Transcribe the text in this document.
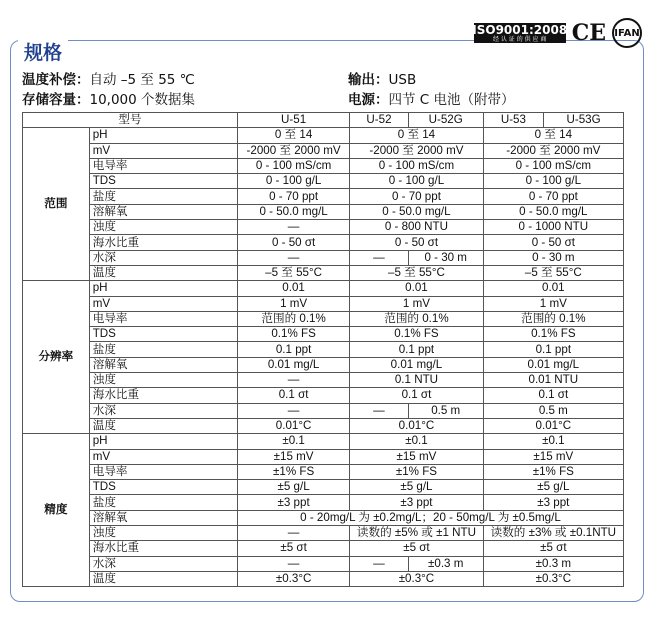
规格
ISO9001:2008
经 认 证 的 供 应 商 CE IFAN
温度补偿：自动 –5 至 55 ℃	输出：USB
存储容量：10,000 个数据集	电源：四节 C 电池（附带）
型号		U-51	U-52	U-52G	U-53	U-53G
范围	pH	0 至 14	0 至 14		0 至 14	
	mV	-2000 至 2000 mV	-2000 至 2000 mV		-2000 至 2000 mV	
	电导率	0 - 100 mS/cm	0 - 100 mS/cm		0 - 100 mS/cm	
	TDS	0 - 100 g/L	0 - 100 g/L		0 - 100 g/L	
	盐度	0 - 70 ppt	0 - 70 ppt		0 - 70 ppt	
	溶解氧	0 - 50.0 mg/L	0 - 50.0 mg/L		0 - 50.0 mg/L	
	浊度	—	0 - 800 NTU		0 - 1000 NTU	
	海水比重	0 - 50 σt	0 - 50 σt		0 - 50 σt	
	水深	—	—	0 - 30 m	0 - 30 m	
	温度	–5 至 55°C	–5 至 55°C		–5 至 55°C	
分辨率	pH	0.01	0.01		0.01	
	mV	1 mV	1 mV		1 mV	
	电导率	范围的 0.1%	范围的 0.1%		范围的 0.1%	
	TDS	0.1% FS	0.1% FS		0.1% FS	
	盐度	0.1 ppt	0.1 ppt		0.1 ppt	
	溶解氧	0.01 mg/L	0.01 mg/L		0.01 mg/L	
	浊度	—	0.1 NTU		0.01 NTU	
	海水比重	0.1 σt	0.1 σt		0.1 σt	
	水深	—	—	0.5 m	0.5 m	
	温度	0.01°C	0.01°C		0.01°C	
精度	pH	±0.1	±0.1		±0.1	
	mV	±15 mV	±15 mV		±15 mV	
	电导率	±1% FS	±1% FS		±1% FS	
	TDS	±5 g/L	±5 g/L		±5 g/L	
	盐度	±3 ppt	±3 ppt		±3 ppt	
	溶解氧	0 - 20mg/L 为 ±0.2mg/L；20 - 50mg/L 为 ±0.5mg/L				
	浊度	—	读数的 ±5% 或 ±1 NTU		读数的 ±3% 或 ±0.1NTU	
	海水比重	±5 σt	±5 σt		±5 σt	
	水深	—	—	±0.3 m	±0.3 m	
	温度	±0.3°C	±0.3°C		±0.3°C	
